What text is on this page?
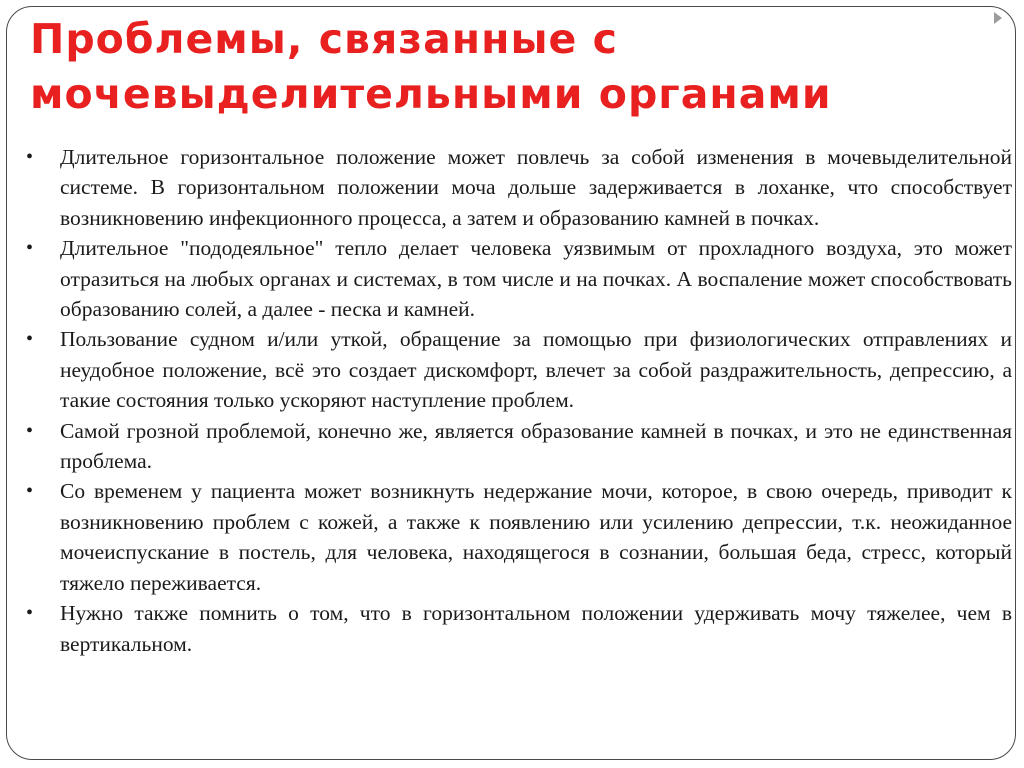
Проблемы, связанные с мочевыделительными органами
• Длительное горизонтальное положение может повлечь за собой изменения в мочевыделительной системе. В горизонтальном положении моча дольше задерживается в лоханке, что способствует возникновению инфекционного процесса, а затем и образованию камней в почках.
• Длительное "пододеяльное" тепло делает человека уязвимым от прохладного воздуха, это может отразиться на любых органах и системах, в том числе и на почках. А воспаление может способствовать образованию солей, а далее - песка и камней.
• Пользование судном и/или уткой, обращение за помощью при физиологических отправлениях и неудобное положение, всё это создает дискомфорт, влечет за собой раздражительность, депрессию, а такие состояния только ускоряют наступление проблем.
• Самой грозной проблемой, конечно же, является образование камней в почках, и это не единственная проблема.
• Со временем у пациента может возникнуть недержание мочи, которое, в свою очередь, приводит к возникновению проблем с кожей, а также к появлению или усилению депрессии, т.к. неожиданное мочеиспускание в постель, для человека, находящегося в сознании, большая беда, стресс, который тяжело переживается.
• Нужно также помнить о том, что в горизонтальном положении удерживать мочу тяжелее, чем в вертикальном.
